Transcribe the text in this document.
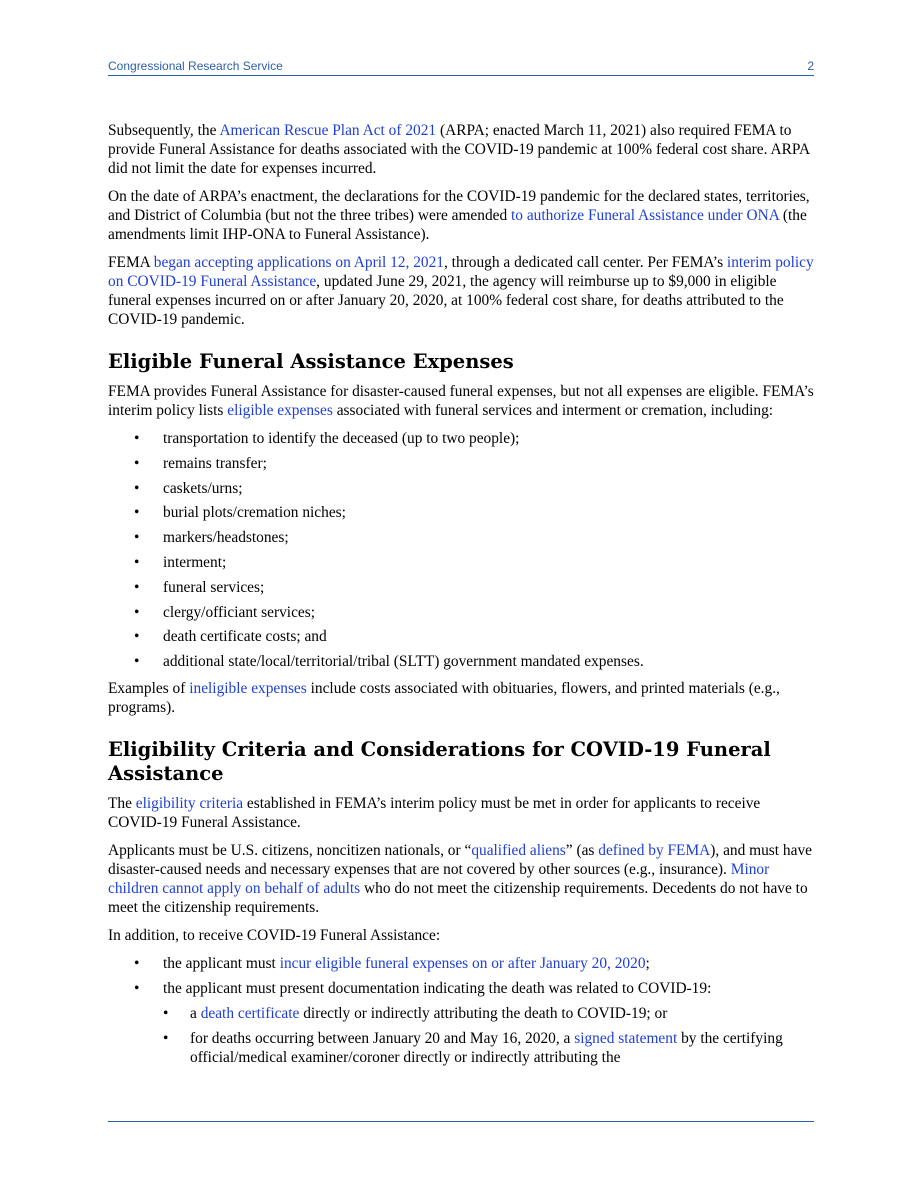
Congressional Research Service	2

Subsequently, the American Rescue Plan Act of 2021 (ARPA; enacted March 11, 2021) also required FEMA to provide Funeral Assistance for deaths associated with the COVID-19 pandemic at 100% federal cost share. ARPA did not limit the date for expenses incurred.

On the date of ARPA’s enactment, the declarations for the COVID-19 pandemic for the declared states, territories, and District of Columbia (but not the three tribes) were amended to authorize Funeral Assistance under ONA (the amendments limit IHP-ONA to Funeral Assistance).

FEMA began accepting applications on April 12, 2021, through a dedicated call center. Per FEMA’s interim policy on COVID-19 Funeral Assistance, updated June 29, 2021, the agency will reimburse up to $9,000 in eligible funeral expenses incurred on or after January 20, 2020, at 100% federal cost share, for deaths attributed to the COVID-19 pandemic.

Eligible Funeral Assistance Expenses

FEMA provides Funeral Assistance for disaster-caused funeral expenses, but not all expenses are eligible. FEMA’s interim policy lists eligible expenses associated with funeral services and interment or cremation, including:

• transportation to identify the deceased (up to two people);
• remains transfer;
• caskets/urns;
• burial plots/cremation niches;
• markers/headstones;
• interment;
• funeral services;
• clergy/officiant services;
• death certificate costs; and
• additional state/local/territorial/tribal (SLTT) government mandated expenses.

Examples of ineligible expenses include costs associated with obituaries, flowers, and printed materials (e.g., programs).

Eligibility Criteria and Considerations for COVID-19 Funeral Assistance

The eligibility criteria established in FEMA’s interim policy must be met in order for applicants to receive COVID-19 Funeral Assistance.

Applicants must be U.S. citizens, noncitizen nationals, or “qualified aliens” (as defined by FEMA), and must have disaster-caused needs and necessary expenses that are not covered by other sources (e.g., insurance). Minor children cannot apply on behalf of adults who do not meet the citizenship requirements. Decedents do not have to meet the citizenship requirements.

In addition, to receive COVID-19 Funeral Assistance:

• the applicant must incur eligible funeral expenses on or after January 20, 2020;
• the applicant must present documentation indicating the death was related to COVID-19:
• a death certificate directly or indirectly attributing the death to COVID-19; or
• for deaths occurring between January 20 and May 16, 2020, a signed statement by the certifying official/medical examiner/coroner directly or indirectly attributing the
